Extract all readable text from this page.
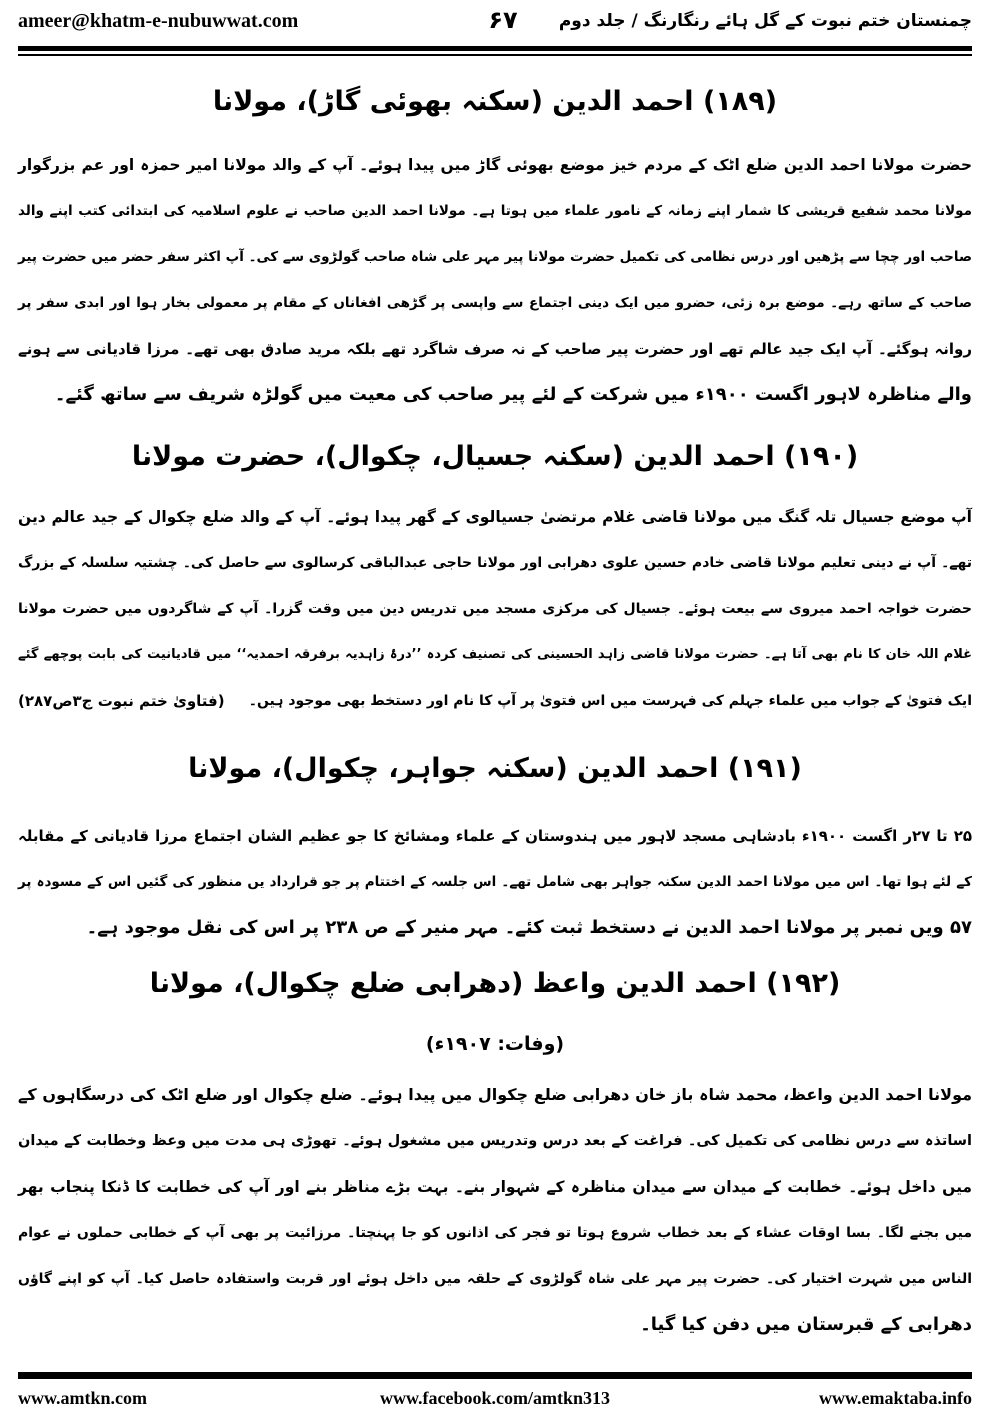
ameer@khatm-e-nubuwwat.com	۶۷	چمنستان ختم نبوت کے گل ہائے رنگارنگ / جلد دوم
(۱۸۹) احمد الدین (سکنہ بھوئی گاڑ)، مولانا
حضرت مولانا احمد الدین ضلع اٹک کے مردم خیز موضع بھوئی گاڑ میں پیدا ہوئے۔ آپ کے والد مولانا امیر حمزہ اور عم بزرگوار
مولانا محمد شفیع قریشی کا شمار اپنے زمانہ کے نامور علماء میں ہوتا ہے۔ مولانا احمد الدین صاحب نے علوم اسلامیہ کی ابتدائی کتب اپنے والد
صاحب اور چچا سے پڑھیں اور درس نظامی کی تکمیل حضرت مولانا پیر مہر علی شاہ صاحب گولڑوی سے کی۔ آپ اکثر سفر حضر میں حضرت پیر
صاحب کے ساتھ رہے۔ موضع برہ زئی، حضرو میں ایک دینی اجتماع سے واپسی پر گڑھی افغاناں کے مقام پر معمولی بخار ہوا اور ابدی سفر پر
روانہ ہوگئے۔ آپ ایک جید عالم تھے اور حضرت پیر صاحب کے نہ صرف شاگرد تھے بلکہ مرید صادق بھی تھے۔ مرزا قادیانی سے ہونے
والے مناظرہ لاہور اگست ۱۹۰۰ء میں شرکت کے لئے پیر صاحب کی معیت میں گولڑہ شریف سے ساتھ گئے۔
(۱۹۰) احمد الدین (سکنہ جسیال، چکوال)، حضرت مولانا
آپ موضع جسیال تلہ گنگ میں مولانا قاضی غلام مرتضیٰ جسیالوی کے گھر پیدا ہوئے۔ آپ کے والد ضلع چکوال کے جید عالم دین
تھے۔ آپ نے دینی تعلیم مولانا قاضی خادم حسین علوی دھرابی اور مولانا حاجی عبدالباقی کرسالوی سے حاصل کی۔ چشتیہ سلسلہ کے بزرگ
حضرت خواجہ احمد میروی سے بیعت ہوئے۔ جسیال کی مرکزی مسجد میں تدریس دین میں وقت گزرا۔ آپ کے شاگردوں میں حضرت مولانا
غلام اللہ خان کا نام بھی آتا ہے۔ حضرت مولانا قاضی زاہد الحسینی کی تصنیف کردہ ’’درۂ زاہدیہ برفرقہ احمدیہ‘‘ میں قادیانیت کی بابت پوچھے گئے
ایک فتویٰ کے جواب میں علماء جہلم کی فہرست میں اس فتویٰ پر آپ کا نام اور دستخط بھی موجود ہیں۔
(فتاویٰ ختم نبوت ج۳ص۲۸۷)
(۱۹۱) احمد الدین (سکنہ جواہر، چکوال)، مولانا
۲۵ تا ۲۷ر اگست ۱۹۰۰ء بادشاہی مسجد لاہور میں ہندوستان کے علماء ومشائخ کا جو عظیم الشان اجتماع مرزا قادیانی کے مقابلہ
کے لئے ہوا تھا۔ اس میں مولانا احمد الدین سکنہ جواہر بھی شامل تھے۔ اس جلسہ کے اختتام پر جو قرارداد یں منظور کی گئیں اس کے مسودہ پر
۵۷ ویں نمبر پر مولانا احمد الدین نے دستخط ثبت کئے۔ مہر منیر کے ص ۲۳۸ پر اس کی نقل موجود ہے۔
(۱۹۲) احمد الدین واعظ (دھرابی ضلع چکوال)، مولانا
(وفات: ۱۹۰۷ء)
مولانا احمد الدین واعظ، محمد شاہ باز خان دھرابی ضلع چکوال میں پیدا ہوئے۔ ضلع چکوال اور ضلع اٹک کی درسگاہوں کے
اساتذہ سے درس نظامی کی تکمیل کی۔ فراغت کے بعد درس وتدریس میں مشغول ہوئے۔ تھوڑی ہی مدت میں وعظ وخطابت کے میدان
میں داخل ہوئے۔ خطابت کے میدان سے میدان مناظرہ کے شہوار بنے۔ بہت بڑے مناظر بنے اور آپ کی خطابت کا ڈنکا پنجاب بھر
میں بجنے لگا۔ بسا اوقات عشاء کے بعد خطاب شروع ہوتا تو فجر کی اذانوں کو جا پہنچتا۔ مرزائیت پر بھی آپ کے خطابی حملوں نے عوام
الناس میں شہرت اختیار کی۔ حضرت پیر مہر علی شاہ گولڑوی کے حلقہ میں داخل ہوئے اور قربت واستفادہ حاصل کیا۔ آپ کو اپنے گاؤں
دھرابی کے قبرستان میں دفن کیا گیا۔
www.amtkn.com	www.facebook.com/amtkn313	www.emaktaba.info
